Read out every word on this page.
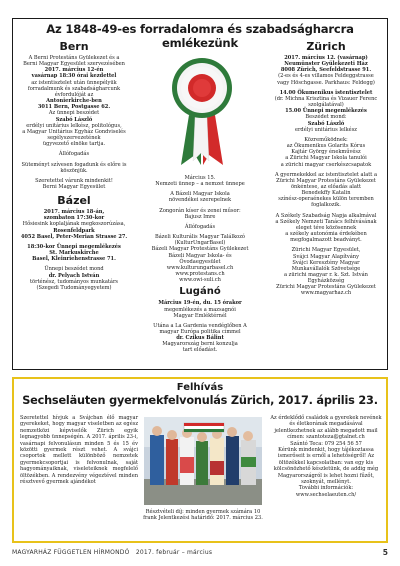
Az 1848-49-es forradalomra és szabadságharcra emlékezünk
Bern
A Berni Protestáns Gyülekezet és a
Berni Magyar Egyesület szervezésében
2017. március 12-én
vasárnap 18:30 órai kezdettel
az istentisztelet után ünnepélyük
forradalmunk és szabadságharcunk
évfordulóját az
Antonierkirche-ben
3011 Bern, Postgasse 62.
Az ünnepi beszédet
Szabó László
erdélyi unitárius lelkész, politológus,
a Magyar Unitárius Egyház Gondviselés
segélyszervezetének
ügyvezető elnöke tartja.
Állófogadás
Süteményt szívesen fogadunk és előre is
köszönjük.
Szeretettel várunk mindenkit!
Berni Magyar Egyesület
Bázel
2017. március 18-án,
szombaton 17:30-kor
Hősiesink koplaljának megkoszorúzása,
Rosenfeldpark
4052 Basel, Peter-Merian Strasse 27.
18:30-kor Ünnepi megemlékezés
St. Markuskirche
Basel, Kleinriehenstrasse 71.
Ünnepi beszédet mond
dr. Pelyach István
történész, tudományos munkatárs
(Szegedi Tudományegyetem)
Március 15.
Nemzeti ünnep – a nemzet ünnepe
A Bázeli Magyar Iskola
növendékei szerepelnek
Zongorán kíser és zenei műsor:
Bajusz Imre
Állófogadás
Bázeli Kulturális Magyar Találkozó
(KulturUngarBasel)
Bázeli Magyar Protestáns Gyülekezet
Bázeli Magyar Iskola- és
Óvodaegyesület
www.kulturungarbasel.ch
www.protestans.ch
www.owi-suli.ch
Lugánó
Március 19-én, du. 15 órakor
megemlékezés a mazsagnói
Magyar Emléktérnél
Utána a La Gardenia vendéglőben A
magyar Európa politika címmel
dr. Czikus Bálint
Magyarország berni konzulja
tart előadást.
Zürich
2017. március 12. (vasárnap)
Neumünster Gyülekezeti Ház
8008 Zürich, Seefeldstrasse 91.
(2-es és 4-es villamos Feldeggstrasse
vagy Höschgasse. Parkhaus: Feldegg)
14.00 Ökumenikus istentisztelet
(dr. Michna Krisztina és Vizauer Ferenc
szolgálatával)
15.00 Ünnepi megemlékezés
Beszédet mond:
Szabó László
erdélyi unitárius lelkész
Közreműködnek:
az Ökumenikus Golarits Kórus
Kajtár György énekművész
a Zürichi Magyar Iskola tanulói
a zürichi magyar cserkészcsapatok
A gyermekekkel az istentisztelet alatt a
Zürichi Magyar Protestáns Gyülekezet
önkéntese, az előadás alatt
Benedekffy Katalin
színész-operaénekes külön teremben
foglalkozik.
A Székely Szabadság Napja alkalmával
a Székely Nemzeti Tanács felhívásának
eleget téve közösennek
a székely autonómia érdekében
megfogalmazott beadványt.
Zürichi Magyar Egyesület,
Svájci Magyar Alapítvány
Svájci Keresztény Magyar
Munkavállalók Szövetsége
a zürichi magyar r. k. Szt. István
Egyházközség
Zürichi Magyar Protestáns Gyülekezet
www.magyarhaz.ch
Felhívás
Sechseläuten gyermekfelvonulás Zürich, 2017. április 23.
Szeretettel hívjuk a Svájcban élő magyar gyerekeket, hogy magyar viseletben az egész nemzetközi képviselők Zürich egyik legnagyobb ünnepségén. A 2017. április 23-i, vasárnapi felvonulásun minden 5 és 15 év közötti gyermek részt vehet. A svájci csoportok mellett különböző nemzetek gyermekcsoportjai is felvonulnak, saját hagyományaiknak, viseleteiknek megfelelő öltözékben. A rendezvény végeztével minden résztvevő gyermek ajándékot
Résztvételi díj: minden gyermek számára 10 frank Jelentkezési határidő: 2017. március 23.
Az érdeklődő családok a gyerekek nevének és életkorának megadásával jelentkezhetnek az alább megadott mail címen: szantoteza@gtalnet.ch
Szántó Teca: 079 254 56 57
Kérünk mindenkit, hogy tájékoztassa ismerőseit is ernől a lehetőségről! Az öltözékkel kapcsolatban: van egy kis kölcsönözhető készletünk, de addig még Magyarországról is lehet hozni fűzőt, szoknyát, mellényt.
További információk:
www.sechselaeuten.ch/
MAGYARHÁZ FÜGGETLEN HÍRMONDÓ 2017. február – március	5
